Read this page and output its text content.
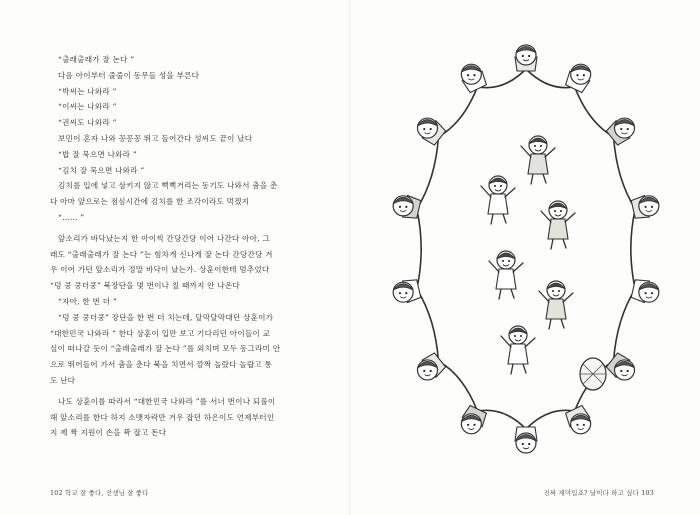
“출래출래가 잘 논다 ”
다음 아이부터 줄줄이 동무들 성을 부른다
“박씨는 나와라 ”
“이씨는 나와라 ”
“권씨도 나와라 ”
보민이 혼자 나와 꽁꽁꽁 뛰고 들어간다 성씨도 끝이 났다
“밥 잘 묵으면 나와라 ”
“김치 잘 묵으면 나와라 ”
김치를 입에 넣고 삼키지 않고 뻑뻑거리는 동기도 나와서 춤을 춘
다 아마 앞으로는 점심시간에 김치를 한 조각이라도 먹겠지
“…… ”
앞소리가 바닥났는지 한 아이씩 간당간당 이어 나간다 아아, 그
래도 “출래출래가 잘 논다 ”는 힘차게 신나게 잘 논다 간당간당 겨
우 이어 가던 앞소리가 정말 바닥이 났는가. 상훈이한테 멈추었다
“덩 쿵 쿵더쿵” 북장단을 몇 번이나 칠 때까지 안 나온다
“자아, 한 번 더 ”
“덩 쿵 쿵더쿵” 장단을 한 번 더 치는데, 달막달막대던 상훈이가
“대한민국 나와라 ” 한다 상훈이 입만 보고 기다리던 아이들이 교
실이 떠나갈 듯이 “출래출래가 잘 논다 ”를 외치며 모두 동그라미 안
으로 뛰어들어 가서 춤을 춘다 북을 치면서 깜짝 놀랐다 놀랍고 통
도 난다
나도 상훈이를 따라서 “대한민국 나와라 ”를 서너 번이나 되풀이
해 앞소리를 한다 하지 소맷자락만 겨우 잡던 하은이도 언제부터인
지 제 짝 지원이 손을 꽉 잡고 돈다
102 학교 잘 좋다, 선생님 잘 좋다	진짜 재미입죠? 날이다 하고 싶다 103
